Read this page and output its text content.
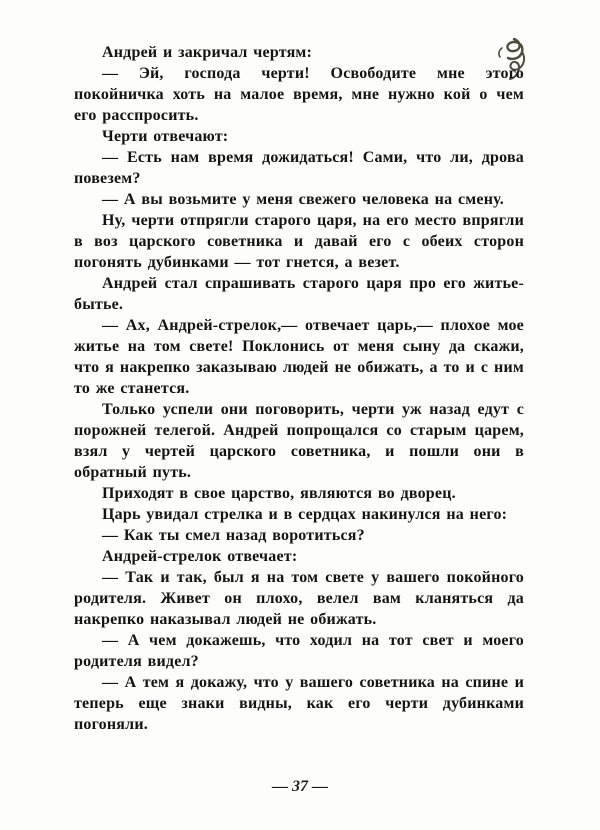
Андрей и закричал чертям:

— Эй, господа черти! Освободите мне этого покойничка хоть на малое время, мне нужно кой о чем его расспросить.

Черти отвечают:

— Есть нам время дожидаться! Сами, что ли, дрова повезем?

— А вы возьмите у меня свежего человека на смену.

Ну, черти отпрягли старого царя, на его место впрягли в воз царского советника и давай его с обеих сторон погонять дубинками — тот гнется, а везет.

Андрей стал спрашивать старого царя про его житье-бытье.

— Ах, Андрей-стрелок,— отвечает царь,— плохое мое житье на том свете! Поклонись от меня сыну да скажи, что я накрепко заказываю людей не обижать, а то и с ним то же станется.

Только успели они поговорить, черти уж назад едут с порожней телегой. Андрей попрощался со старым царем, взял у чертей царского советника, и пошли они в обратный путь.

Приходят в свое царство, являются во дворец.

Царь увидал стрелка и в сердцах накинулся на него:

— Как ты смел назад воротиться?

Андрей-стрелок отвечает:

— Так и так, был я на том свете у вашего покойного родителя. Живет он плохо, велел вам кланяться да накрепко наказывал людей не обижать.

— А чем докажешь, что ходил на тот свет и моего родителя видел?

— А тем я докажу, что у вашего советника на спине и теперь еще знаки видны, как его черти дубинками погоняли.

— 37 —
